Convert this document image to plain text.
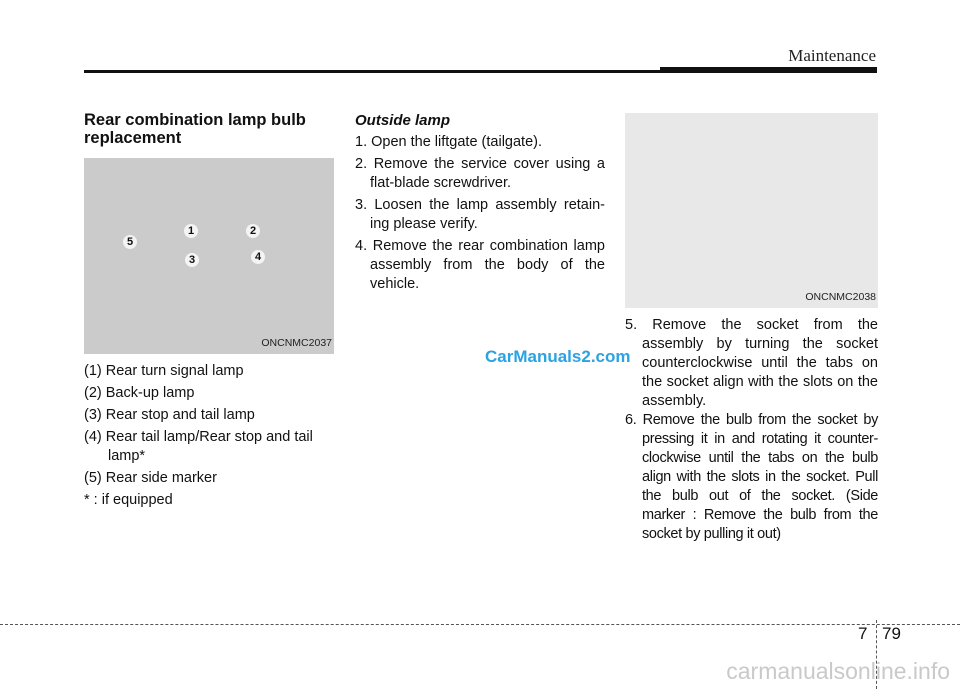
Maintenance
Rear combination lamp bulb replacement
1	2
3	4
5
ONCNMC2037
(1) Rear turn signal lamp
(2) Back-up lamp
(3) Rear stop and tail lamp
(4) Rear tail lamp/Rear stop and tail lamp*
(5) Rear side marker
* : if equipped
Outside lamp
1. Open the liftgate (tailgate).
2. Remove the service cover using a flat-blade screwdriver.
3. Loosen the lamp assembly retain- ing please verify.
4. Remove the rear combination lamp assembly from the body of the vehicle.
ONCNMC2038
5. Remove the socket from the assembly by turning the socket counterclockwise until the tabs on the socket align with the slots on the assembly.
6. Remove the bulb from the socket by pressing it in and rotating it counter- clockwise until the tabs on the bulb align with the slots in the socket. Pull the bulb out of the socket. (Side marker : Remove the bulb from the socket by pulling it out)
CarManuals2.com
7 79
carmanualsonline.info
